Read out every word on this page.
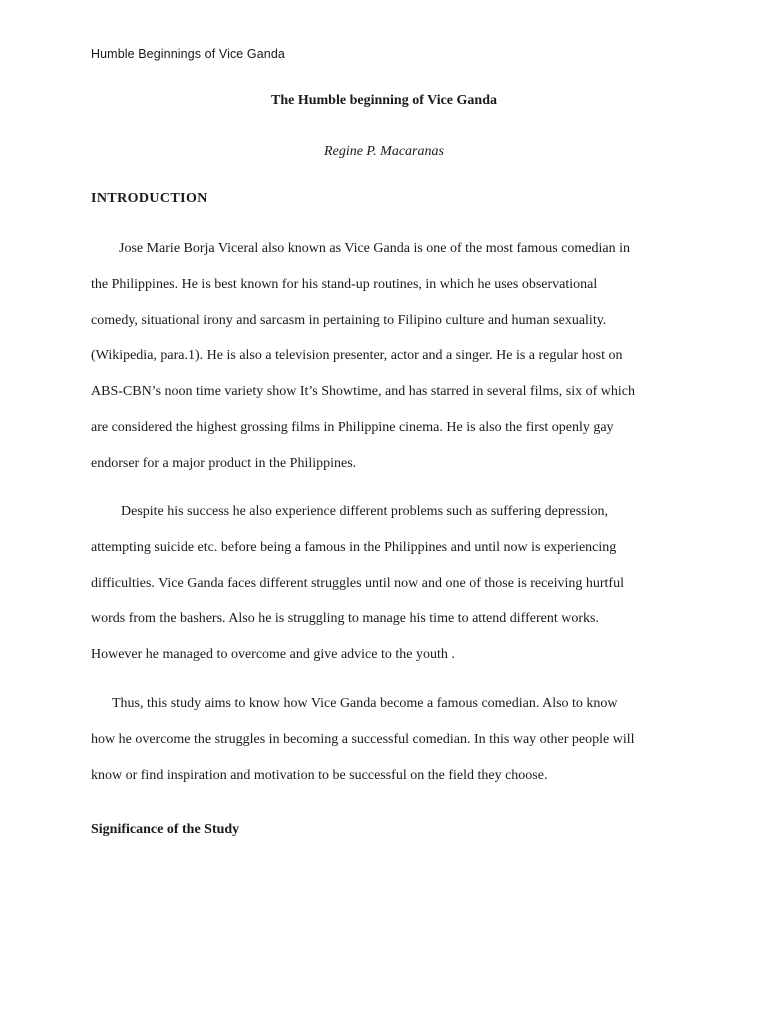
Humble Beginnings of Vice Ganda
The Humble beginning of Vice Ganda
Regine P. Macaranas
INTRODUCTION
Jose Marie Borja Viceral also known as Vice Ganda is one of the most famous comedian in
the Philippines. He is best known for his stand-up routines, in which he uses observational
comedy, situational irony and sarcasm in pertaining to Filipino culture and human sexuality.
(Wikipedia, para.1). He is also a television presenter, actor and a singer. He is a regular host on
ABS-CBN’s noon time variety show It’s Showtime, and has starred in several films, six of which
are considered the highest grossing films in Philippine cinema. He is also the first openly gay
endorser for a major product in the Philippines.
Despite his success he also experience different problems such as suffering depression,
attempting suicide etc. before being a famous in the Philippines and until now is experiencing
difficulties. Vice Ganda faces different struggles until now and one of those is receiving hurtful
words from the bashers. Also he is struggling to manage his time to attend different works.
However he managed to overcome and give advice to the youth .
Thus, this study aims to know how Vice Ganda become a famous comedian. Also to know
how he overcome the struggles in becoming a successful comedian. In this way other people will
know or find inspiration and motivation to be successful on the field they choose.
Significance of the Study
